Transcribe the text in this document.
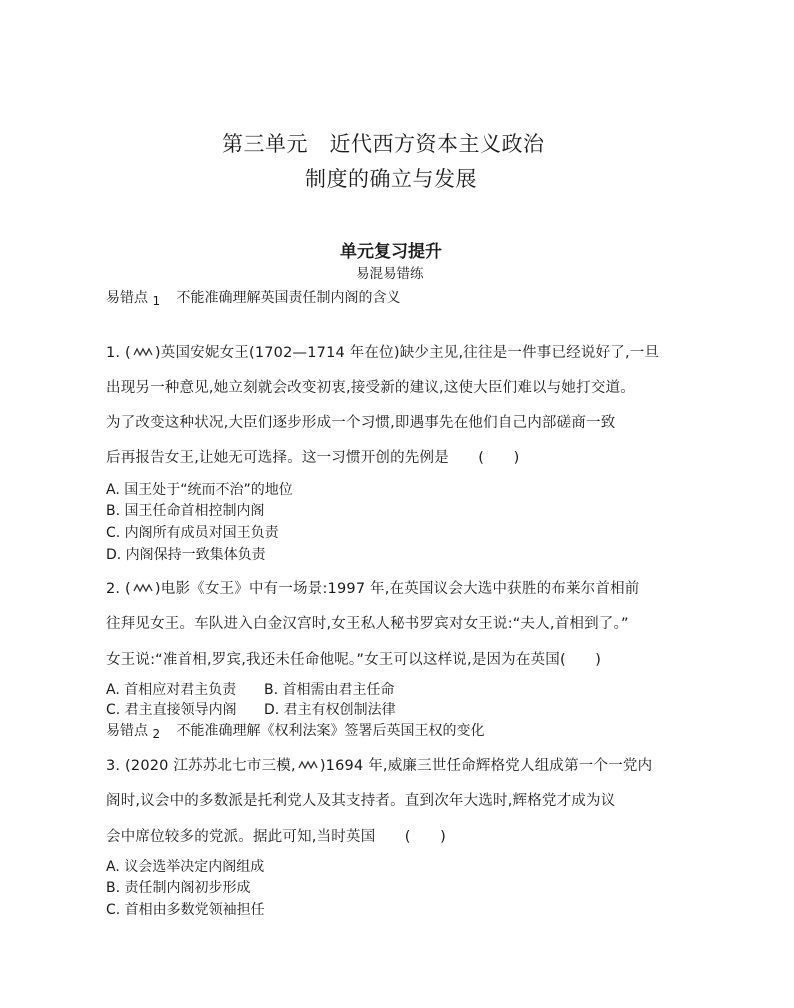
第三单元　近代西方资本主义政治
制度的确立与发展
单元复习提升
易混易错练
易错点 1 不能准确理解英国责任制内阁的含义
1. ( )英国安妮女王(1702—1714 年在位)缺少主见,往往是一件事已经说好了,一旦
出现另一种意见,她立刻就会改变初衷,接受新的建议,这使大臣们难以与她打交道。
为了改变这种状况,大臣们逐步形成一个习惯,即遇事先在他们自己内部磋商一致
后再报告女王,让她无可选择。这一习惯开创的先例是　　(　　)
A. 国王处于“统而不治”的地位
B. 国王任命首相控制内阁
C. 内阁所有成员对国王负责
D. 内阁保持一致集体负责
2. ( )电影《女王》中有一场景:1997 年,在英国议会大选中获胜的布莱尔首相前
往拜见女王。车队进入白金汉宫时,女王私人秘书罗宾对女王说:“夫人,首相到了。”
女王说:“准首相,罗宾,我还未任命他呢。”女王可以这样说,是因为在英国(　　)
A. 首相应对君主负责 B. 首相需由君主任命
C. 君主直接领导内阁 D. 君主有权创制法律
易错点 2 不能准确理解《权利法案》签署后英国王权的变化
3. (2020 江苏苏北七市三模, )1694 年,威廉三世任命辉格党人组成第一个一党内
阁时,议会中的多数派是托利党人及其支持者。直到次年大选时,辉格党才成为议
会中席位较多的党派。据此可知,当时英国　　(　　)
A. 议会选举决定内阁组成
B. 责任制内阁初步形成
C. 首相由多数党领袖担任
